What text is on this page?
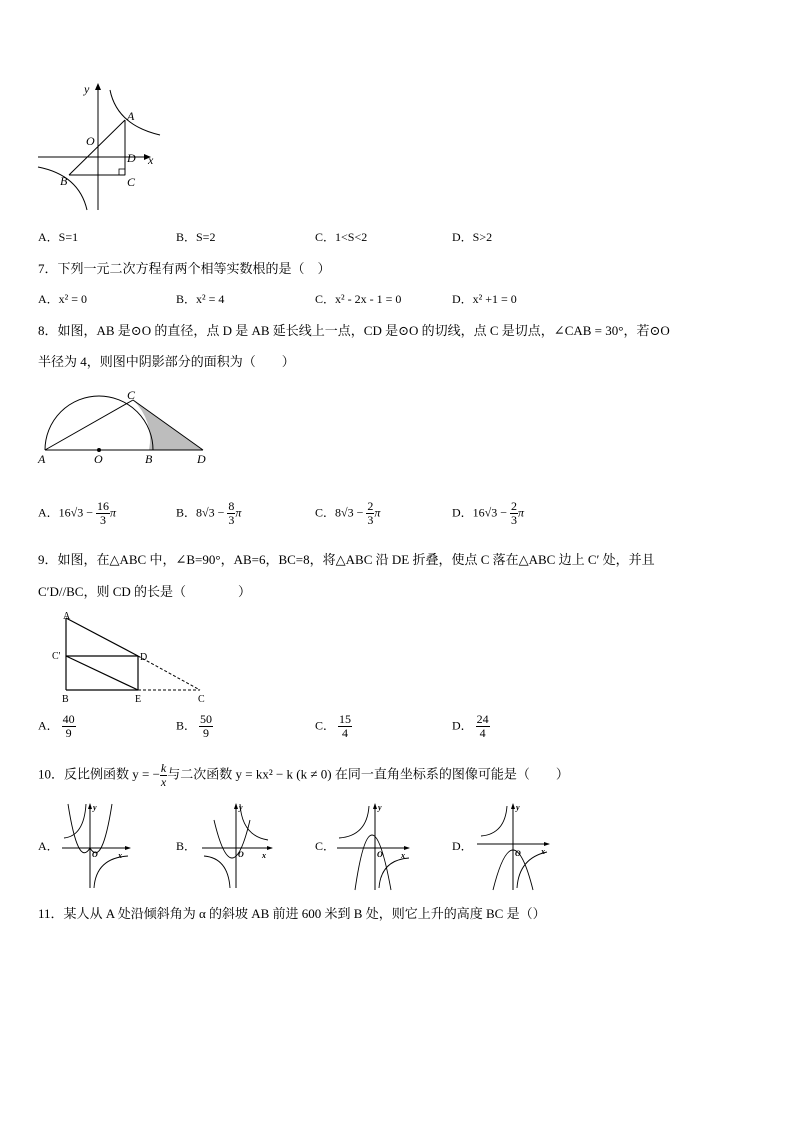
y
O
A
D x
B	C
A．S=1	B．S=2	C．1<S<2	D．S>2
7．下列一元二次方程有两个相等实数根的是（　）
A．x² = 0	B．x² = 4	C．x² - 2x - 1 = 0	D．x² +1 = 0
8．如图，AB 是⊙O 的直径，点 D 是 AB 延长线上一点，CD 是⊙O 的切线，点 C 是切点，∠CAB = 30°，若⊙O
半径为 4，则图中阴影部分的面积为（　　）
A	O	B
C
D
A．$16√3 - \frac{16}{3}$ π	B．$8√3 - \frac{8}{3}$ π	C．$8√3 - \frac{2}{3}$ π	D．$16√3 - \frac{2}{3}$ π
9．如图，在△ABC 中，∠B=90°，AB=6，BC=8，将△ABC 沿 DE 折叠，使点 C 落在△ABC 边上 C′ 处，并且
C′D//BC，则 CD 的长是（　　　　）
A
C'	D
B	E	C
A． $\frac{40}{9}$	B． $\frac{50}{9}$	C． $\frac{15}{4}$	D． $\frac{24}{4}$
10．反比例函数 y = − $\frac{k}{x}$ 与二次函数 y = kx² − k (k ≠ 0) 在同一直角坐标系的图像可能是（　　）
A．	B．	C．	D．
y
O	x
y
O x
y
O x
y
O	x
11．某人从 A 处沿倾斜角为 α 的斜坡 AB 前进 600 米到 B 处，则它上升的高度 BC 是（）
